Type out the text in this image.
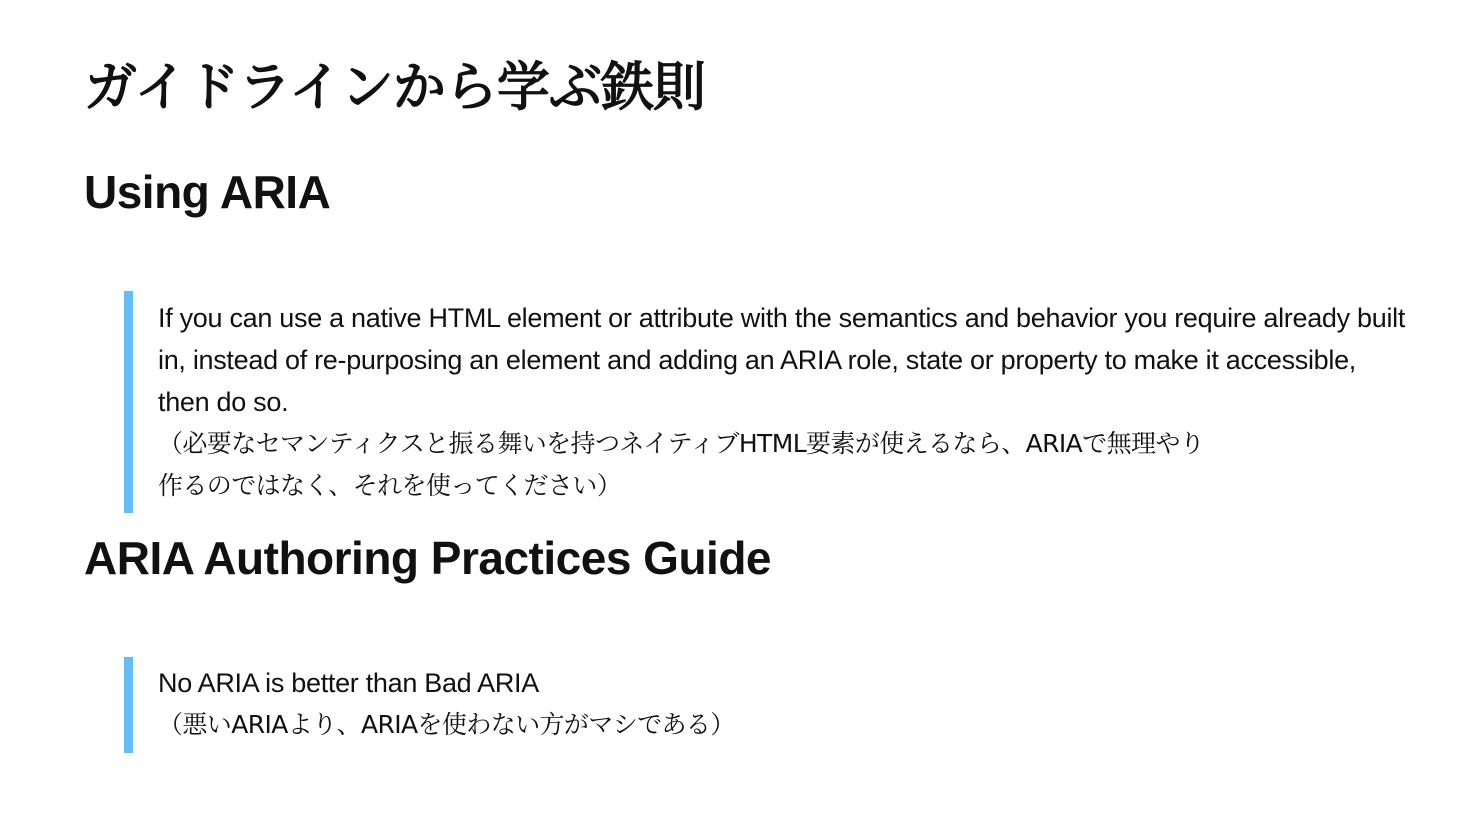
ガイドラインから学ぶ鉄則
Using ARIA

If you can use a native HTML element or attribute with the semantics and behavior you require already built in, instead of re-purposing an element and adding an ARIA role, state or property to make it accessible, then do so.

（必要なセマンティクスと振る舞いを持つネイティブHTML要素が使えるなら、ARIAで無理やり

作るのではなく、それを使ってください）

ARIA Authoring Practices Guide

No ARIA is better than Bad ARIA

（悪いARIAより、ARIAを使わない方がマシである）
